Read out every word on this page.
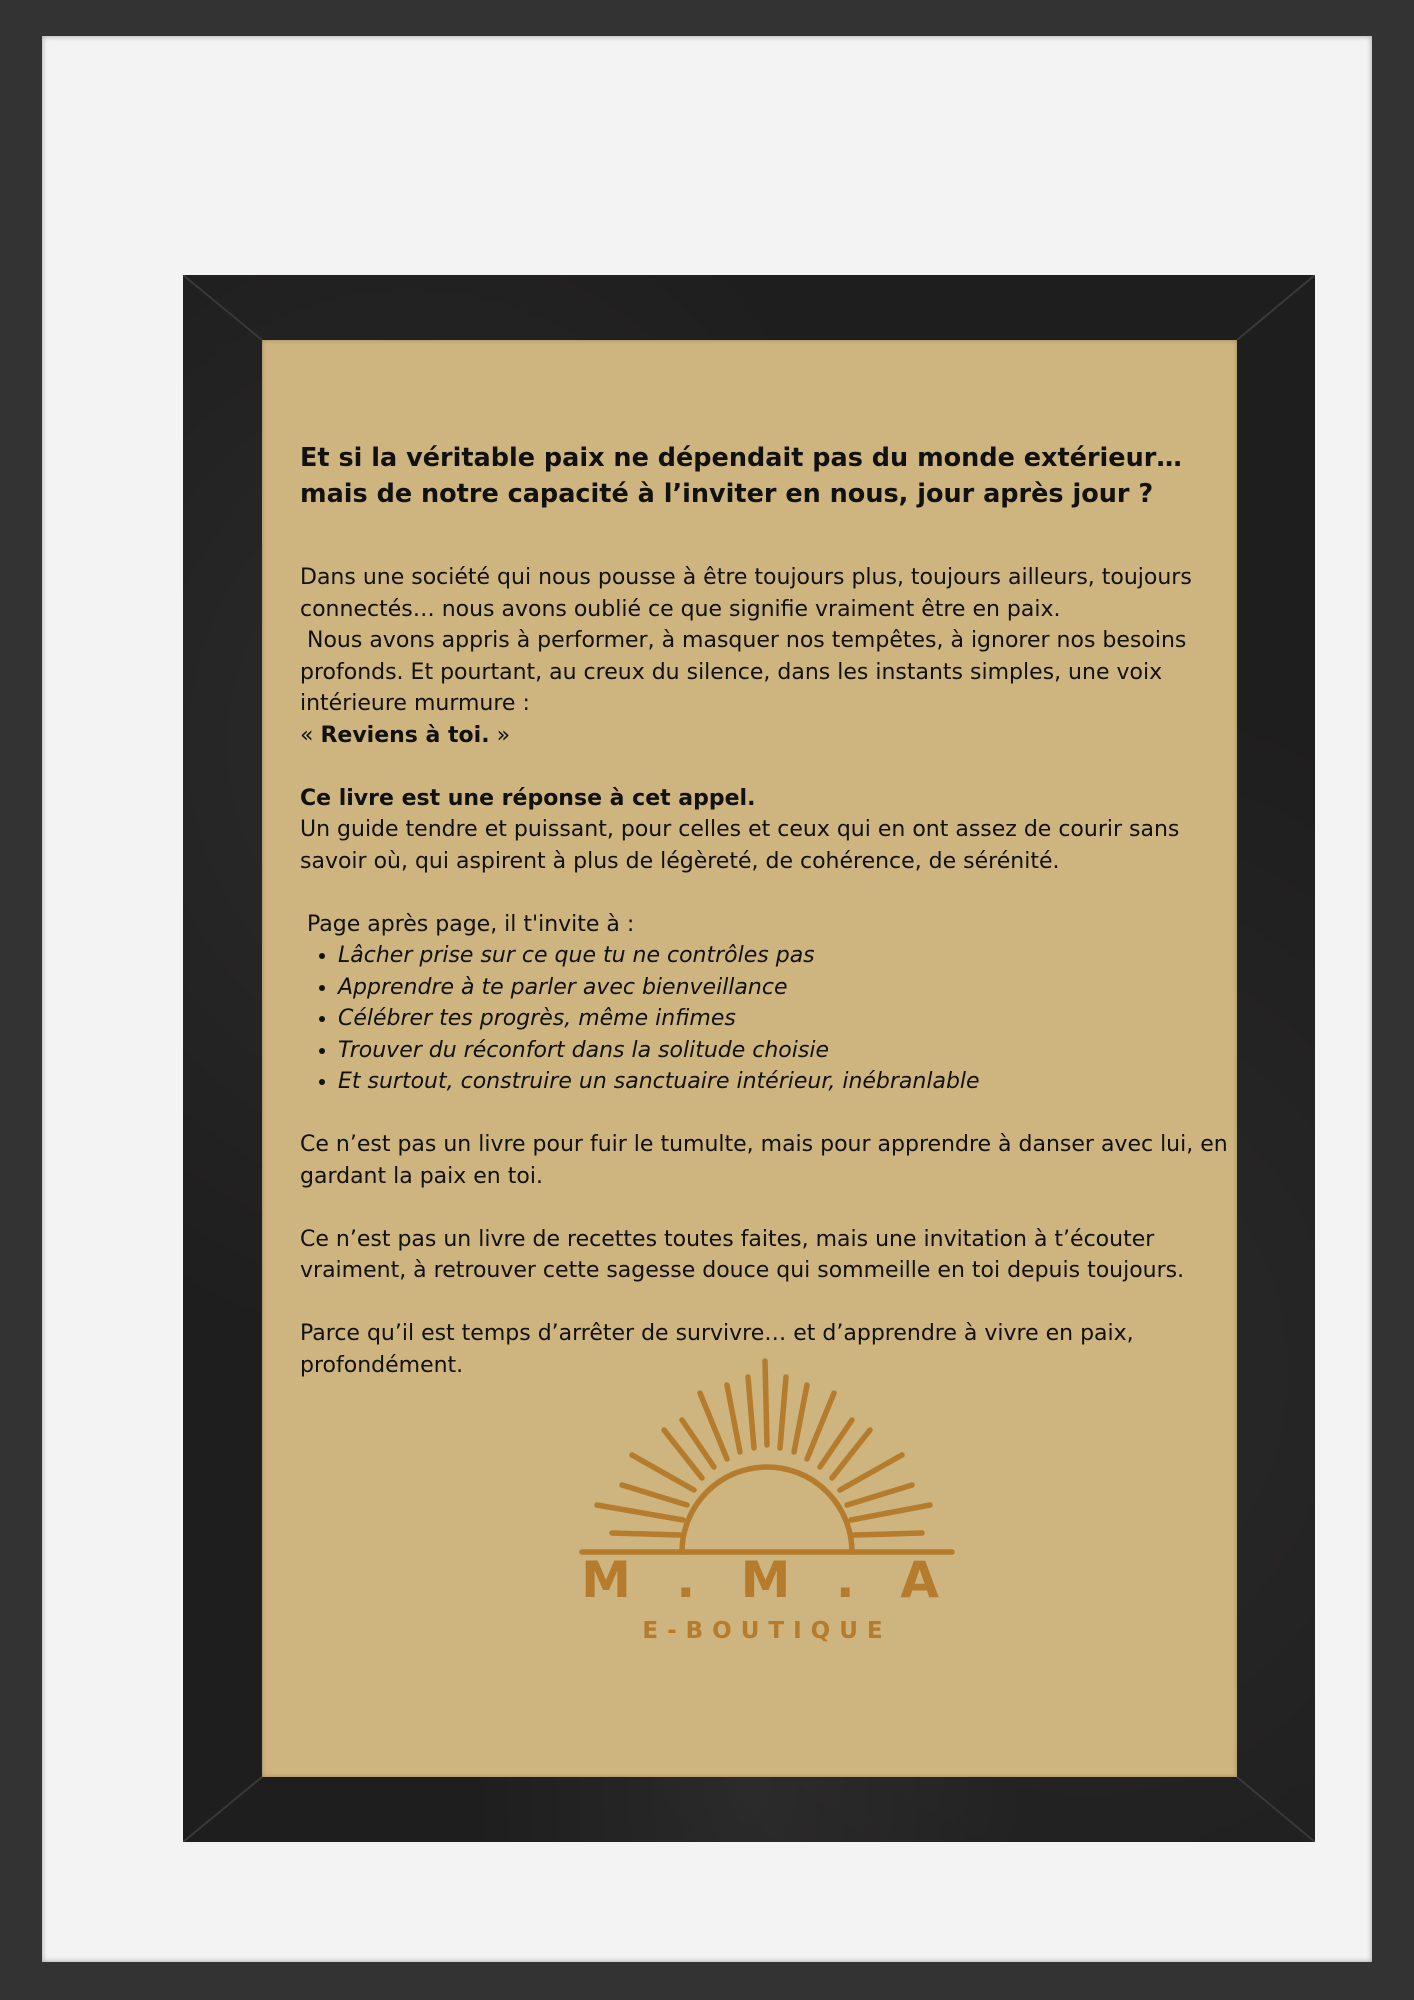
Et si la véritable paix ne dépendait pas du monde extérieur… mais de notre capacité à l’inviter en nous, jour après jour ?

Dans une société qui nous pousse à être toujours plus, toujours ailleurs, toujours connectés… nous avons oublié ce que signifie vraiment être en paix.

Nous avons appris à performer, à masquer nos tempêtes, à ignorer nos besoins profonds. Et pourtant, au creux du silence, dans les instants simples, une voix intérieure murmure :

« Reviens à toi. »

Ce livre est une réponse à cet appel.

Un guide tendre et puissant, pour celles et ceux qui en ont assez de courir sans savoir où, qui aspirent à plus de légèreté, de cohérence, de sérénité.

Page après page, il t'invite à :

• Lâcher prise sur ce que tu ne contrôles pas
• Apprendre à te parler avec bienveillance
• Célébrer tes progrès, même infimes
• Trouver du réconfort dans la solitude choisie
• Et surtout, construire un sanctuaire intérieur, inébranlable

Ce n’est pas un livre pour fuir le tumulte, mais pour apprendre à danser avec lui, en gardant la paix en toi.

Ce n’est pas un livre de recettes toutes faites, mais une invitation à t’écouter vraiment, à retrouver cette sagesse douce qui sommeille en toi depuis toujours.

Parce qu’il est temps d’arrêter de survivre… et d’apprendre à vivre en paix, profondément.

M . M . A
E-BOUTIQUE
